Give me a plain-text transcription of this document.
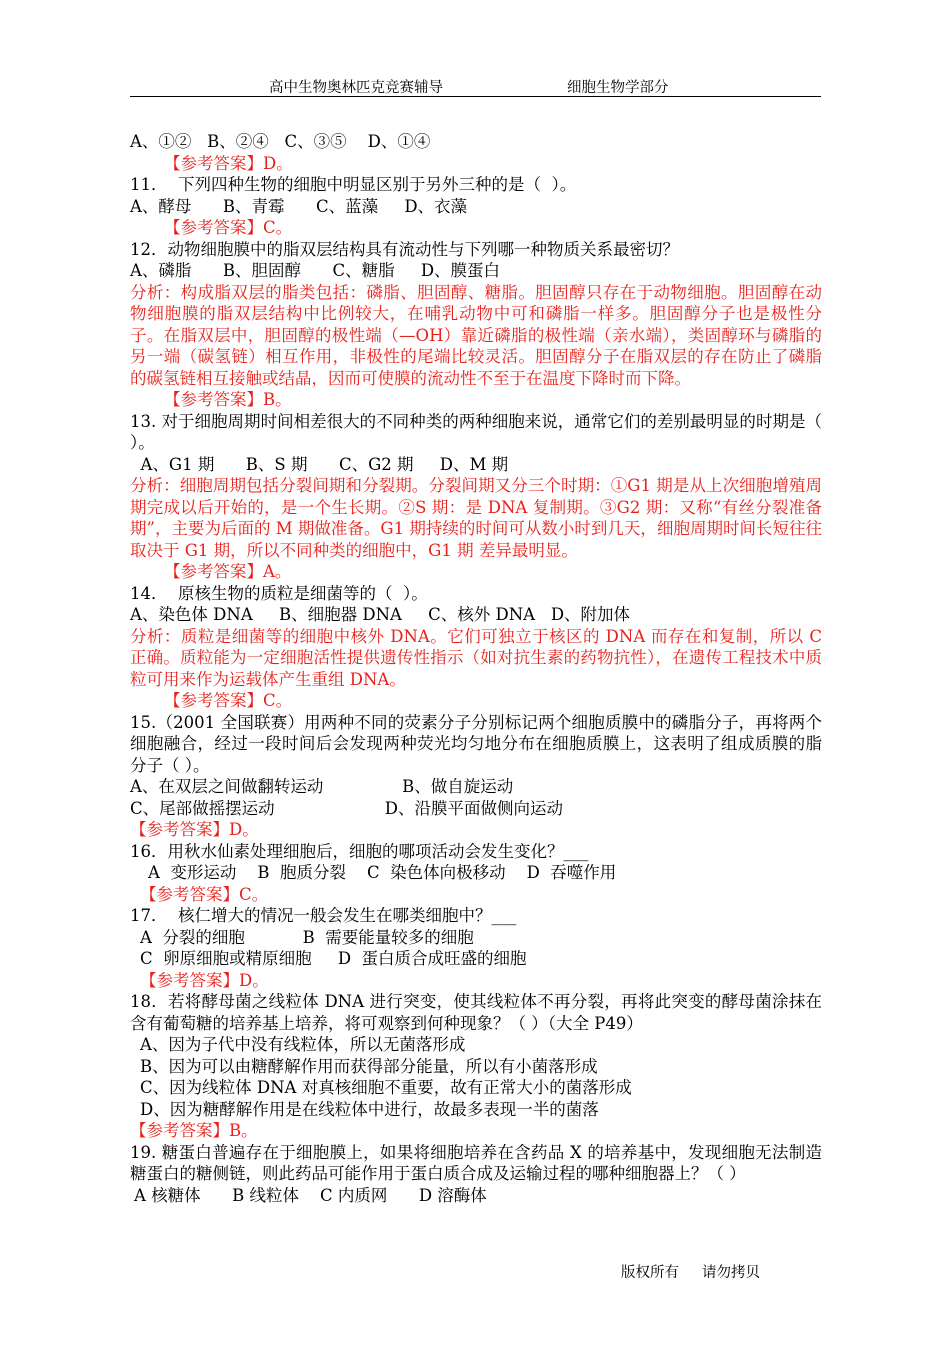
高中生物奥林匹克竞赛辅导	细胞生物学部分
A、①②   B、②④   C、③⑤    D、①④
【参考答案】D。
11．  下列四种生物的细胞中明显区别于另外三种的是（  ）。
A、酵母      B、青霉      C、蓝藻     D、衣藻
【参考答案】C。
12．动物细胞膜中的脂双层结构具有流动性与下列哪一种物质关系最密切？
A、磷脂      B、胆固醇      C、糖脂     D、膜蛋白
分析：构成脂双层的脂类包括：磷脂、胆固醇、糖脂。胆固醇只存在于动物细胞。胆固醇在动物细胞膜的脂双层结构中比例较大，在哺乳动物中可和磷脂一样多。胆固醇分子也是极性分子。在脂双层中，胆固醇的极性端（—OH）靠近磷脂的极性端（亲水端），类固醇环与磷脂的另一端（碳氢链）相互作用，非极性的尾端比较灵活。胆固醇分子在脂双层的存在防止了磷脂的碳氢链相互接触或结晶，因而可使膜的流动性不至于在温度下降时而下降。
【参考答案】B。
13. 对于细胞周期时间相差很大的不同种类的两种细胞来说，通常它们的差别最明显的时期是（ ）。
A、G1 期      B、S 期      C、G2 期     D、M 期
分析：细胞周期包括分裂间期和分裂期。分裂间期又分三个时期：①G1 期是从上次细胞增殖周期完成以后开始的，是一个生长期。②S 期：是 DNA 复制期。③G2 期：又称“有丝分裂准备期”，主要为后面的 M 期做准备。G1 期持续的时间可从数小时到几天，细胞周期时间长短往往取决于 G1 期，所以不同种类的细胞中，G1 期 差异最明显。
【参考答案】A。
14．  原核生物的质粒是细菌等的（  ）。
A、染色体 DNA     B、细胞器 DNA     C、核外 DNA   D、附加体
分析：质粒是细菌等的细胞中核外 DNA。它们可独立于核区的 DNA 而存在和复制，所以 C 正确。质粒能为一定细胞活性提供遗传性指示（如对抗生素的药物抗性），在遗传工程技术中质粒可用来作为运载体产生重组 DNA。
【参考答案】C。
15.（2001 全国联赛）用两种不同的荧素分子分别标记两个细胞质膜中的磷脂分子，再将两个细胞融合，经过一段时间后会发现两种荧光均匀地分布在细胞质膜上，这表明了组成质膜的脂分子（ ）。
A、在双层之间做翻转运动               B、做自旋运动
C、尾部做摇摆运动                     D、沿膜平面做侧向运动
【参考答案】D。
16．用秋水仙素处理细胞后，细胞的哪项活动会发生变化？___
A  变形运动    B  胞质分裂    C  染色体向极移动    D  吞噬作用
【参考答案】C。
17．  核仁增大的情况一般会发生在哪类细胞中？___
A  分裂的细胞           B  需要能量较多的细胞
C  卵原细胞或精原细胞     D  蛋白质合成旺盛的细胞
【参考答案】D。
18．若将酵母菌之线粒体 DNA 进行突变，使其线粒体不再分裂，再将此突变的酵母菌涂抹在含有葡萄糖的培养基上培养，将可观察到何种现象？（ ）（大全 P49）
A、因为子代中没有线粒体，所以无菌落形成
B、因为可以由糖酵解作用而获得部分能量，所以有小菌落形成
C、因为线粒体 DNA 对真核细胞不重要，故有正常大小的菌落形成
D、因为糖酵解作用是在线粒体中进行，故最多表现一半的菌落
【参考答案】B。
19. 糖蛋白普遍存在于细胞膜上，如果将细胞培养在含药品 X 的培养基中，发现细胞无法制造糖蛋白的糖侧链，则此药品可能作用于蛋白质合成及运输过程的哪种细胞器上？（ ）
A 核糖体      B 线粒体    C 内质网      D 溶酶体
版权所有     请勿拷贝
